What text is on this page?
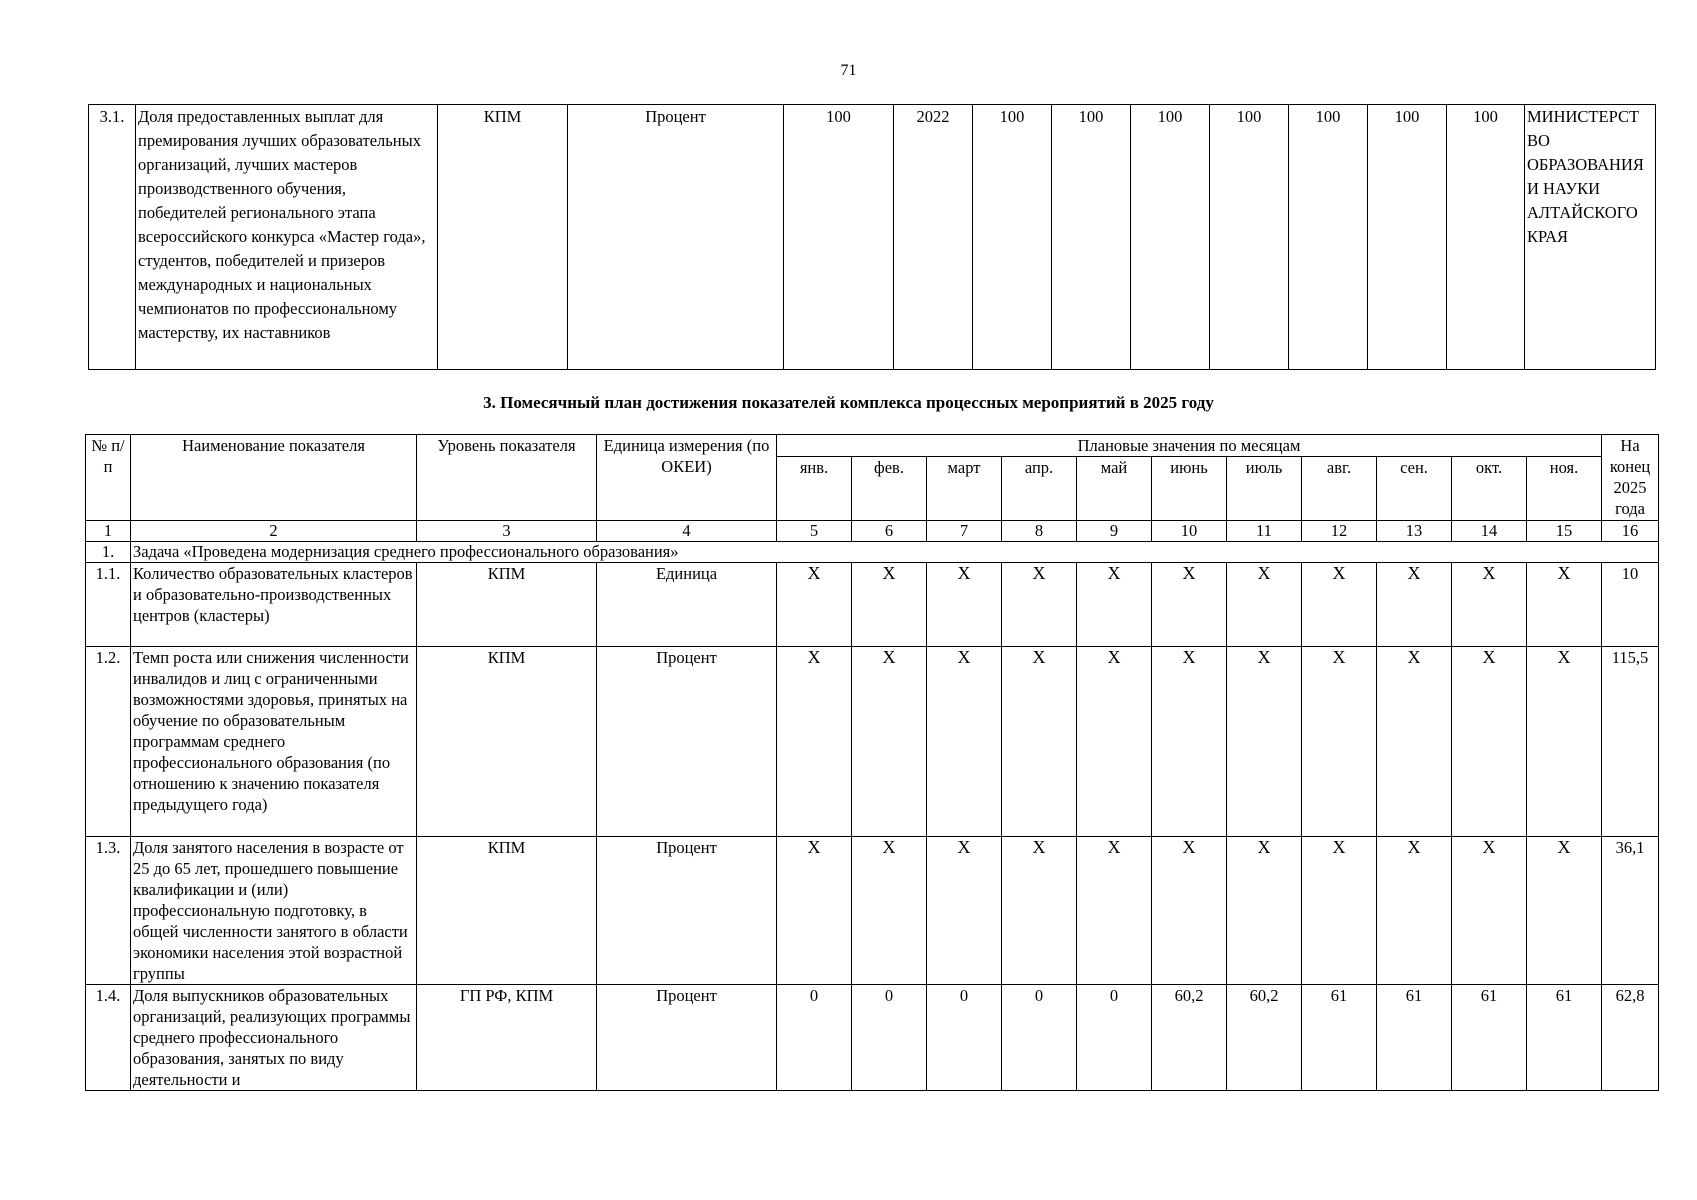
71
3.1.	Доля предоставленных выплат для премирования лучших образовательных организаций, лучших мастеров производственного обучения, победителей регионального этапа всероссийского конкурса «Мастер года», студентов, победителей и призеров международных и национальных чемпионатов по профессиональному мастерству, их наставников	КПМ	Процент	100	2022	100	100	100	100	100	100	100	МИНИСТЕРСТ ВО ОБРАЗОВАНИЯ И НАУКИ АЛТАЙСКОГО КРАЯ
3. Помесячный план достижения показателей комплекса процессных мероприятий в 2025 году
№ п/п	Наименование показателя	Уровень показателя	Единица измерения (по ОКЕИ)	Плановые значения по месяцам											На конец 2025 года
				янв.	фев.	март	апр.	май	июнь	июль	авг.	сен.	окт.	ноя.	
1	2	3	4	5	6	7	8	9	10	11	12	13	14	15	16
1.	Задача «Проведена модернизация среднего профессионального образования»														
1.1.	Количество образовательных кластеров и образовательно-производственных центров (кластеры)	КПМ	Единица	X	X	X	X	X	X	X	X	X	X	X	10
1.2.	Темп роста или снижения численности инвалидов и лиц с ограниченными возможностями здоровья, принятых на обучение по образовательным программам среднего профессионального образования (по отношению к значению показателя предыдущего года)	КПМ	Процент	X	X	X	X	X	X	X	X	X	X	X	115,5
1.3.	Доля занятого населения в возрасте от 25 до 65 лет, прошедшего повышение квалификации и (или) профессиональную подготовку, в общей численности занятого в области экономики населения этой возрастной группы	КПМ	Процент	X	X	X	X	X	X	X	X	X	X	X	36,1
1.4.	Доля выпускников образовательных организаций, реализующих программы среднего профессионального образования, занятых по виду деятельности и	ГП РФ, КПМ	Процент	0	0	0	0	0	60,2	60,2	61	61	61	61	62,8
